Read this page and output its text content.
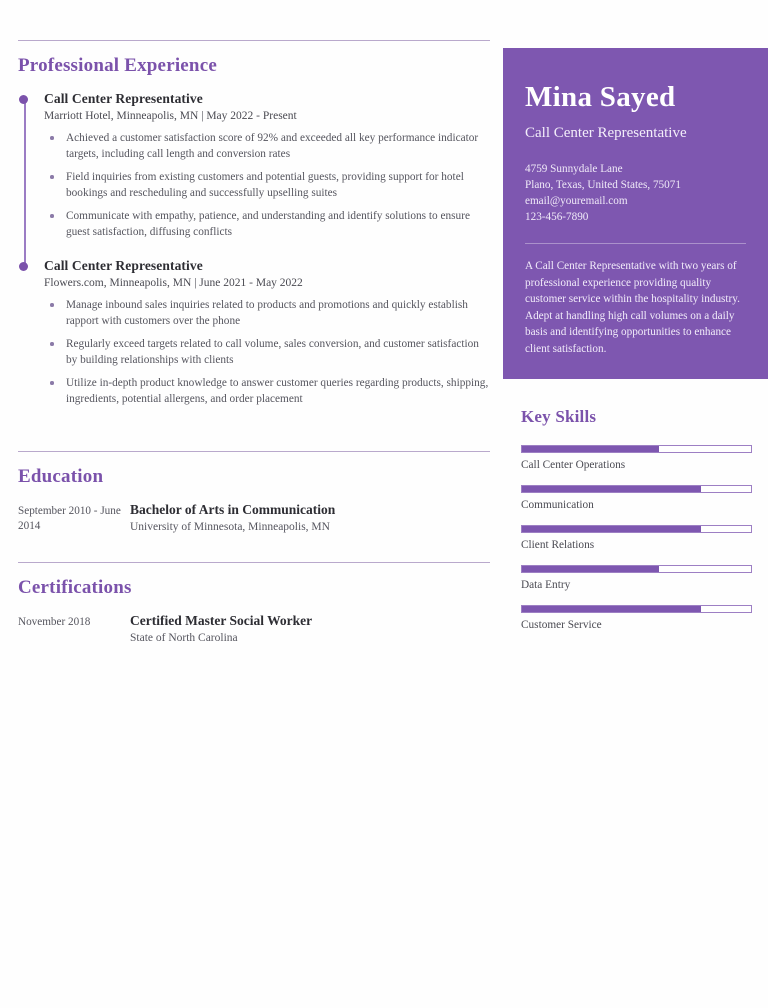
Professional Experience
Call Center Representative

Marriott Hotel, Minneapolis, MN | May 2022 - Present

Achieved a customer satisfaction score of 92% and exceeded all key performance indicator targets, including call length and conversion rates
Field inquiries from existing customers and potential guests, providing support for hotel bookings and rescheduling and successfully upselling suites
Communicate with empathy, patience, and understanding and identify solutions to ensure guest satisfaction, diffusing conflicts
Call Center Representative

Flowers.com, Minneapolis, MN | June 2021 - May 2022

Manage inbound sales inquiries related to products and promotions and quickly establish rapport with customers over the phone
Regularly exceed targets related to call volume, sales conversion, and customer satisfaction by building relationships with clients
Utilize in-depth product knowledge to answer customer queries regarding products, shipping, ingredients, potential allergens, and order placement
Education
September 2010 - June 2014
Bachelor of Arts in Communication

University of Minnesota, Minneapolis, MN

Certifications
November 2018	Certified Master Social Worker

State of North Carolina

Mina Sayed

Call Center Representative

4759 Sunnydale Lane

Plano, Texas, United States, 75071

email@youremail.com

123-456-7890

A Call Center Representative with two years of professional experience providing quality customer service within the hospitality industry. Adept at handling high call volumes on a daily basis and identifying opportunities to enhance client satisfaction.

Key Skills

Call Center Operations

Communication

Client Relations

Data Entry

Customer Service
